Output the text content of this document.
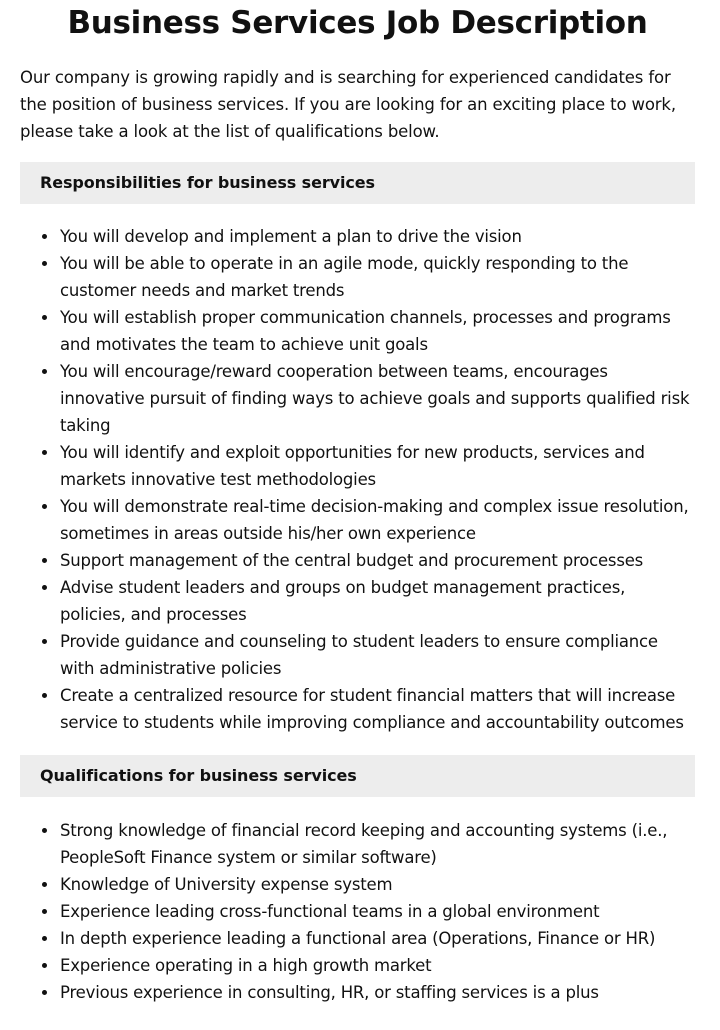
Business Services Job Description

Our company is growing rapidly and is searching for experienced candidates for the position of business services. If you are looking for an exciting place to work, please take a look at the list of qualifications below.

Responsibilities for business services
You will develop and implement a plan to drive the vision
You will be able to operate in an agile mode, quickly responding to the customer needs and market trends
You will establish proper communication channels, processes and programs and motivates the team to achieve unit goals
You will encourage/reward cooperation between teams, encourages innovative pursuit of finding ways to achieve goals and supports qualified risk taking
You will identify and exploit opportunities for new products, services and markets innovative test methodologies
You will demonstrate real-time decision-making and complex issue resolution, sometimes in areas outside his/her own experience
Support management of the central budget and procurement processes
Advise student leaders and groups on budget management practices, policies, and processes
Provide guidance and counseling to student leaders to ensure compliance with administrative policies
Create a centralized resource for student financial matters that will increase service to students while improving compliance and accountability outcomes
Qualifications for business services
Strong knowledge of financial record keeping and accounting systems (i.e., PeopleSoft Finance system or similar software)
Knowledge of University expense system
Experience leading cross-functional teams in a global environment
In depth experience leading a functional area (Operations, Finance or HR)
Experience operating in a high growth market
Previous experience in consulting, HR, or staffing services is a plus
